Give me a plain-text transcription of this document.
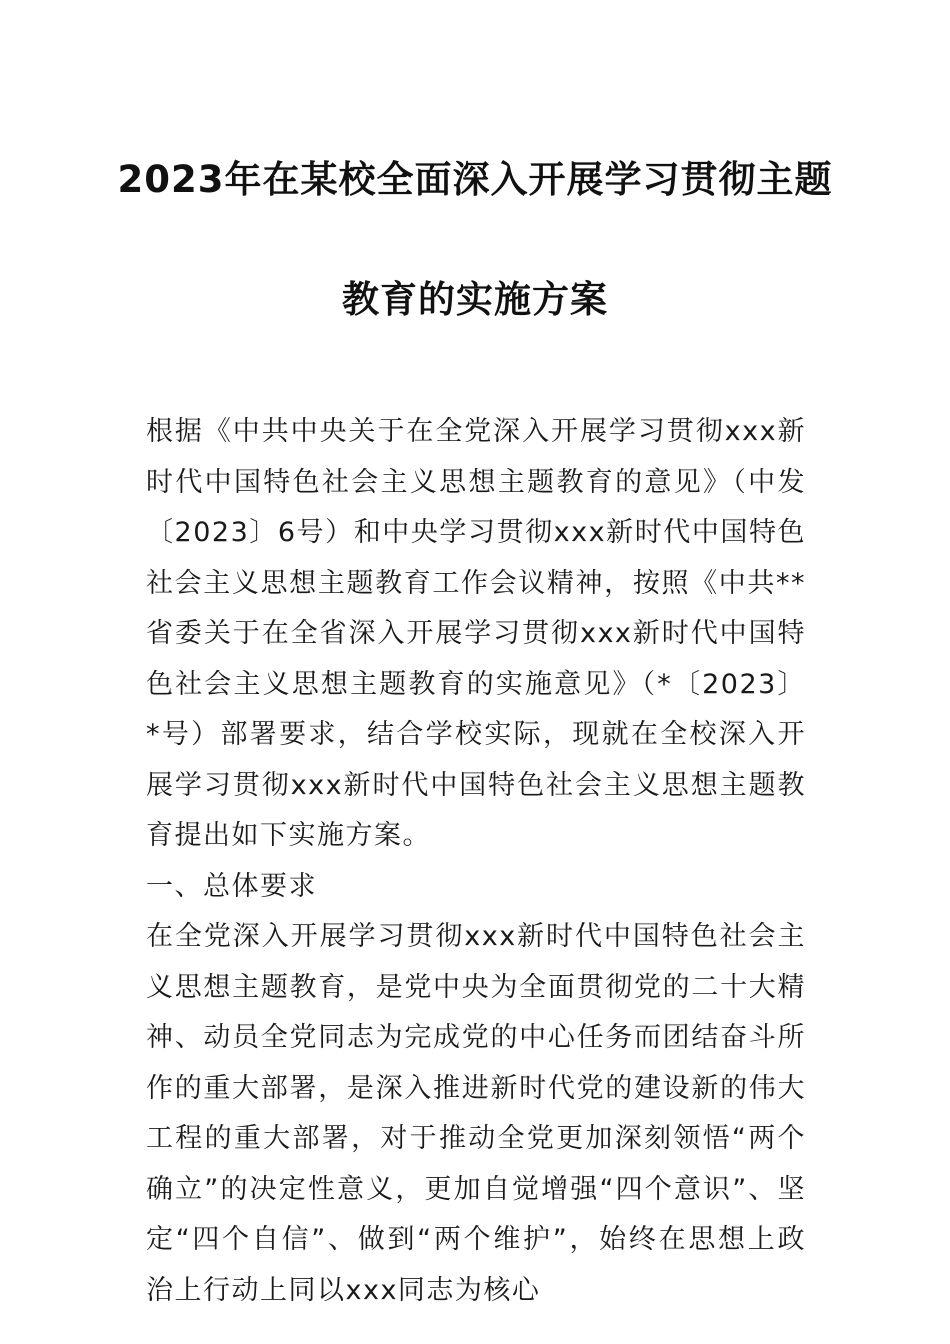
2023年在某校全面深入开展学习贯彻主题
教育的实施方案

根据《中共中央关于在全党深入开展学习贯彻xxx新时代中国特色社会主义思想主题教育的意见》（中发〔2023〕6号）和中央学习贯彻xxx新时代中国特色社会主义思想主题教育工作会议精神，按照《中共**省委关于在全省深入开展学习贯彻xxx新时代中国特色社会主义思想主题教育的实施意见》（*〔2023〕*号）部署要求，结合学校实际，现就在全校深入开展学习贯彻xxx新时代中国特色社会主义思想主题教育提出如下实施方案。

一、总体要求

在全党深入开展学习贯彻xxx新时代中国特色社会主义思想主题教育，是党中央为全面贯彻党的二十大精神、动员全党同志为完成党的中心任务而团结奋斗所作的重大部署，是深入推进新时代党的建设新的伟大工程的重大部署，对于推动全党更加深刻领悟“两个确立”的决定性意义，更加自觉增强“四个意识”、坚定“四个自信”、做到“两个维护”，始终在思想上政治上行动上同以xxx同志为核心
